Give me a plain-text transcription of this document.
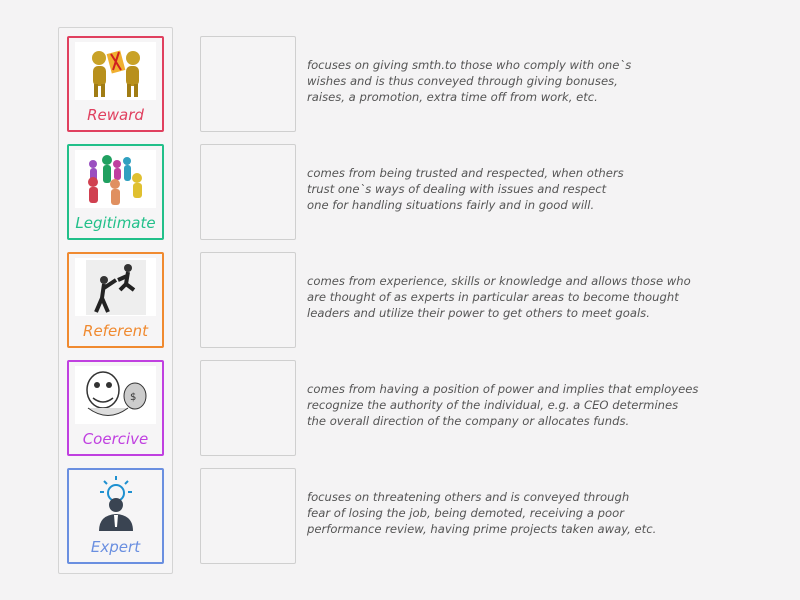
Reward
Legitimate
Referent
$
Coercive
Expert
focuses on giving smth.to those who comply with one`s
wishes and is thus conveyed through giving bonuses,
raises, a promotion, extra time off from work, etc.
comes from being trusted and respected, when others
trust one`s ways of dealing with issues and respect
one for handling situations fairly and in good will.
comes from experience, skills or knowledge and allows those who
are thought of as experts in particular areas to become thought
leaders and utilize their power to get others to meet goals.
comes from having a position of power and implies that employees
recognize the authority of the individual, e.g. a CEO determines
the overall direction of the company or allocates funds.
focuses on threatening others and is conveyed through
fear of losing the job, being demoted, receiving a poor
performance review, having prime projects taken away, etc.
